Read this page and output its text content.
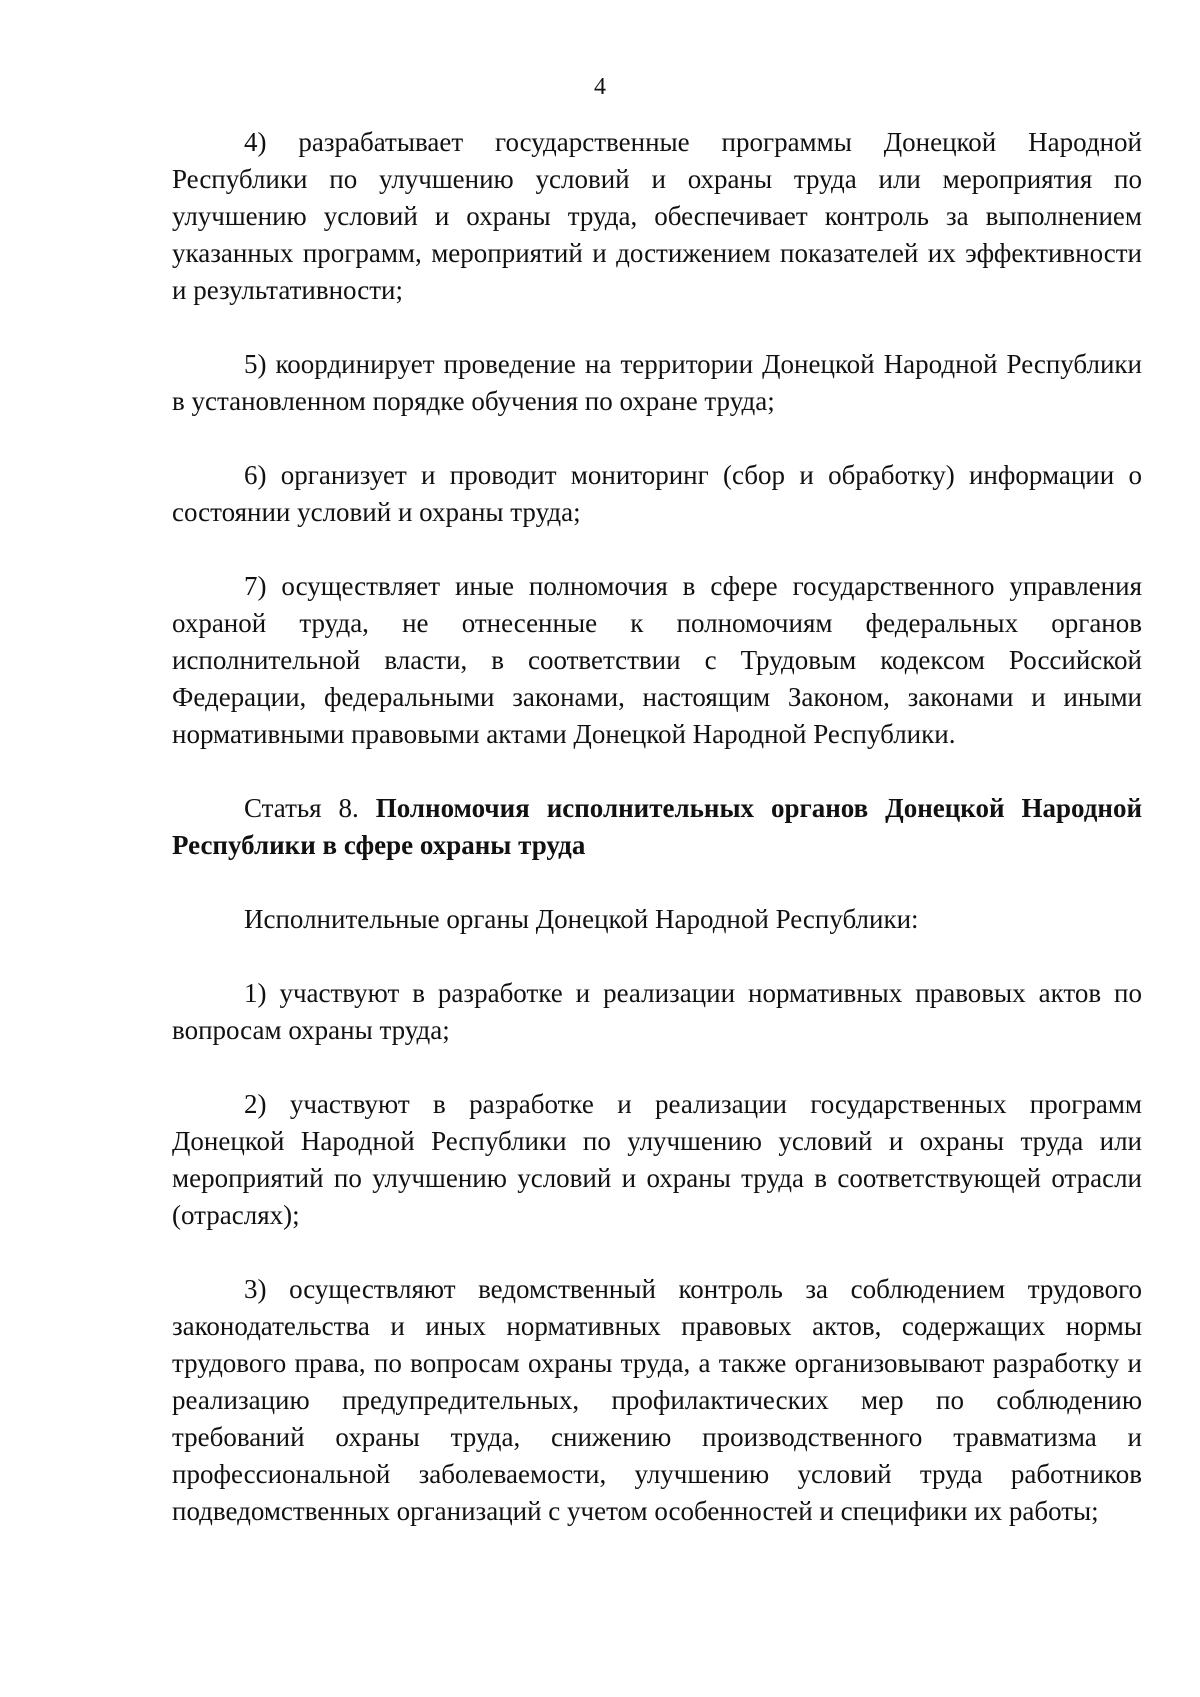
4

4) разрабатывает государственные программы Донецкой Народной Республики по улучшению условий и охраны труда или мероприятия по улучшению условий и охраны труда, обеспечивает контроль за выполнением указанных программ, мероприятий и достижением показателей их эффективности и результативности;

5) координирует проведение на территории Донецкой Народной Республики в установленном порядке обучения по охране труда;

6) организует и проводит мониторинг (сбор и обработку) информации о состоянии условий и охраны труда;

7) осуществляет иные полномочия в сфере государственного управления охраной труда, не отнесенные к полномочиям федеральных органов исполнительной власти, в соответствии с Трудовым кодексом Российской Федерации, федеральными законами, настоящим Законом, законами и иными нормативными правовыми актами Донецкой Народной Республики.

Статья 8. Полномочия исполнительных органов Донецкой Народной Республики в сфере охраны труда

Исполнительные органы Донецкой Народной Республики:

1) участвуют в разработке и реализации нормативных правовых актов по вопросам охраны труда;

2) участвуют в разработке и реализации государственных программ Донецкой Народной Республики по улучшению условий и охраны труда или мероприятий по улучшению условий и охраны труда в соответствующей отрасли (отраслях);

3) осуществляют ведомственный контроль за соблюдением трудового законодательства и иных нормативных правовых актов, содержащих нормы трудового права, по вопросам охраны труда, а также организовывают разработку и реализацию предупредительных, профилактических мер по соблюдению требований охраны труда, снижению производственного травматизма и профессиональной заболеваемости, улучшению условий труда работников подведомственных организаций с учетом особенностей и специфики их работы;
